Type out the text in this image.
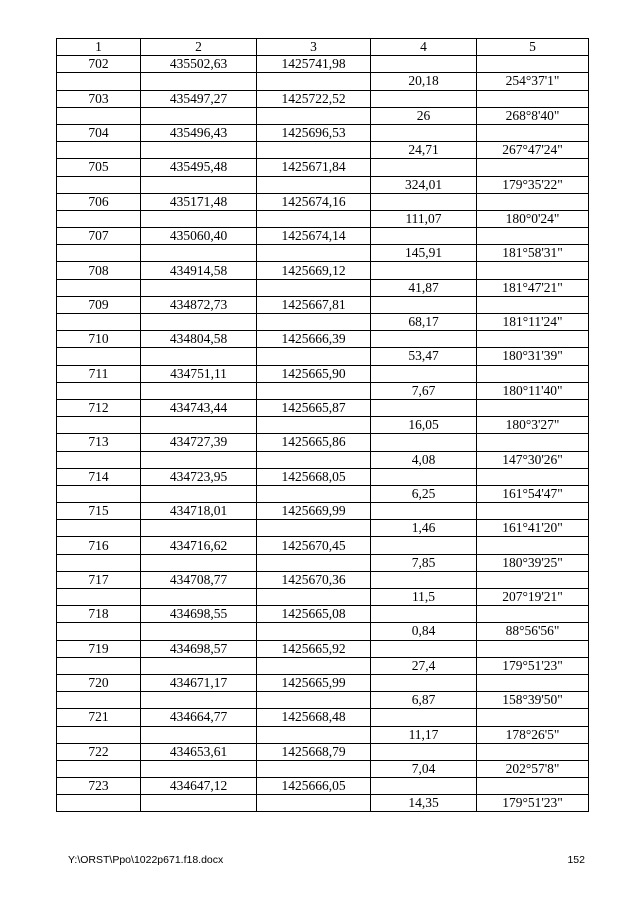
1	2	3	4	5
702	435502,63	1425741,98		
			20,18	254°37'1"
703	435497,27	1425722,52		
			26	268°8'40"
704	435496,43	1425696,53		
			24,71	267°47'24"
705	435495,48	1425671,84		
			324,01	179°35'22"
706	435171,48	1425674,16		
			111,07	180°0'24"
707	435060,40	1425674,14		
			145,91	181°58'31"
708	434914,58	1425669,12		
			41,87	181°47'21"
709	434872,73	1425667,81		
			68,17	181°11'24"
710	434804,58	1425666,39		
			53,47	180°31'39"
711	434751,11	1425665,90		
			7,67	180°11'40"
712	434743,44	1425665,87		
			16,05	180°3'27"
713	434727,39	1425665,86		
			4,08	147°30'26"
714	434723,95	1425668,05		
			6,25	161°54'47"
715	434718,01	1425669,99		
			1,46	161°41'20"
716	434716,62	1425670,45		
			7,85	180°39'25"
717	434708,77	1425670,36		
			11,5	207°19'21"
718	434698,55	1425665,08		
			0,84	88°56'56"
719	434698,57	1425665,92		
			27,4	179°51'23"
720	434671,17	1425665,99		
			6,87	158°39'50"
721	434664,77	1425668,48		
			11,17	178°26'5"
722	434653,61	1425668,79		
			7,04	202°57'8"
723	434647,12	1425666,05		
			14,35	179°51'23"
Y:\ORST\Ppo\1022p671.f18.docx	152
